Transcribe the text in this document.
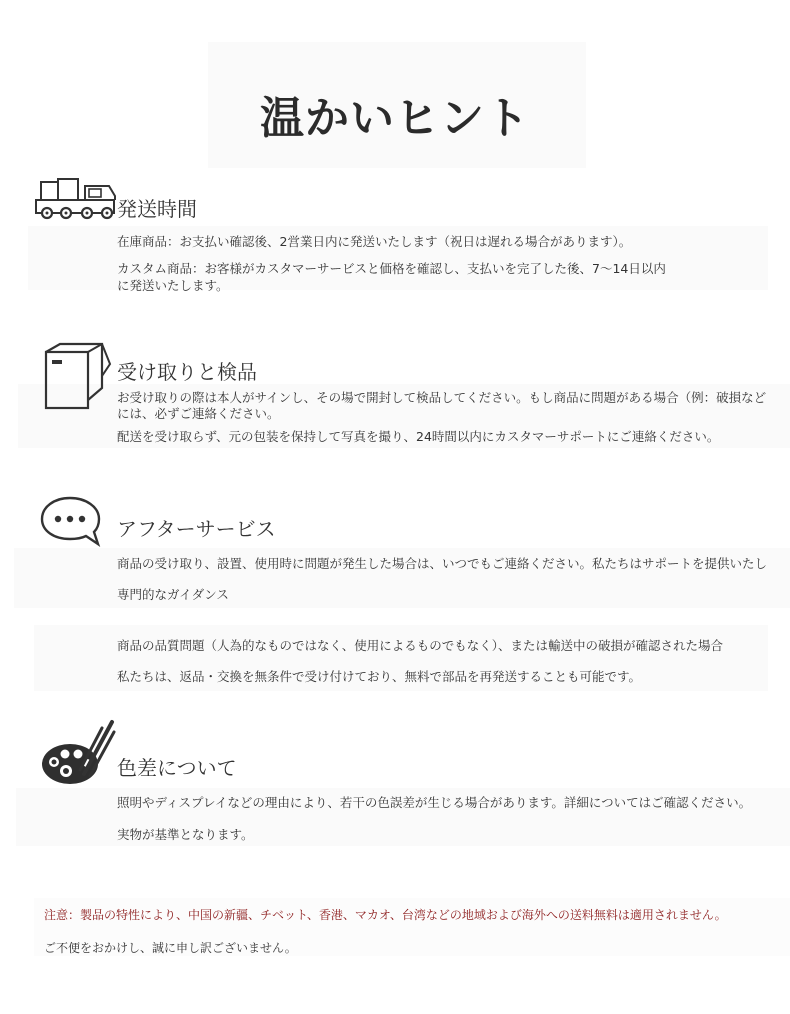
温かいヒント
発送時間
在庫商品：お支払い確認後、2営業日内に発送いたします（祝日は遅れる場合があります）。
カスタム商品：お客様がカスタマーサービスと価格を確認し、支払いを完了した後、7〜14日以内
に発送いたします。
受け取りと検品
お受け取りの際は本人がサインし、その場で開封して検品してください。もし商品に問題がある場合（例：破損など
には、必ずご連絡ください。
配送を受け取らず、元の包装を保持して写真を撮り、24時間以内にカスタマーサポートにご連絡ください。
アフターサービス
商品の受け取り、設置、使用時に問題が発生した場合は、いつでもご連絡ください。私たちはサポートを提供いたし
専門的なガイダンス
商品の品質問題（人為的なものではなく、使用によるものでもなく）、または輸送中の破損が確認された場合
私たちは、返品・交換を無条件で受け付けており、無料で部品を再発送することも可能です。
色差について
照明やディスプレイなどの理由により、若干の色誤差が生じる場合があります。詳細についてはご確認ください。
実物が基準となります。
注意：製品の特性により、中国の新疆、チベット、香港、マカオ、台湾などの地域および海外への送料無料は適用されません。
ご不便をおかけし、誠に申し訳ございません。
